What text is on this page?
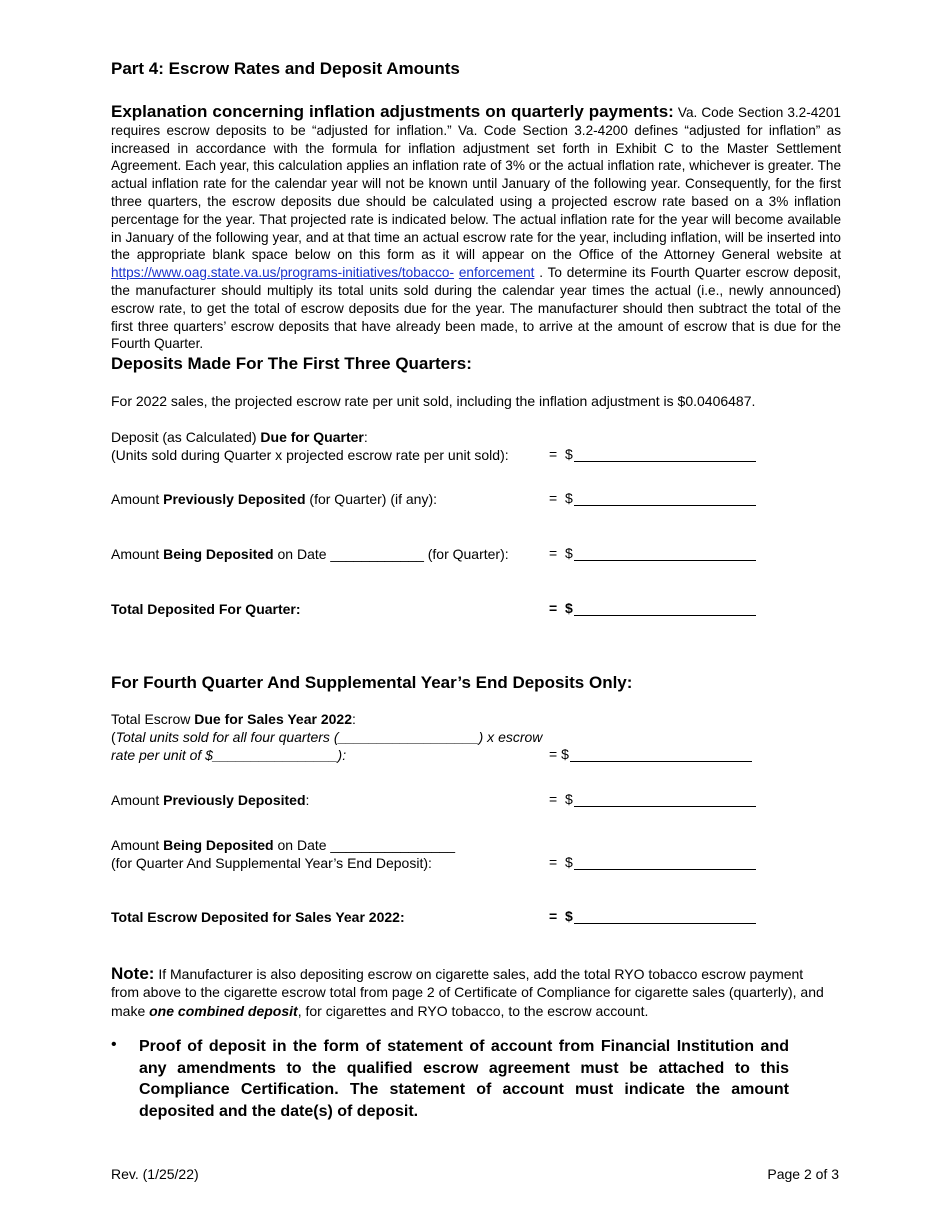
Part 4: Escrow Rates and Deposit Amounts
Explanation concerning inflation adjustments on quarterly payments: Va. Code Section 3.2-4201 requires escrow deposits to be “adjusted for inflation.” Va. Code Section 3.2-4200 defines “adjusted for inflation” as increased in accordance with the formula for inflation adjustment set forth in Exhibit C to the Master Settlement Agreement. Each year, this calculation applies an inflation rate of 3% or the actual inflation rate, whichever is greater. The actual inflation rate for the calendar year will not be known until January of the following year. Consequently, for the first three quarters, the escrow deposits due should be calculated using a projected escrow rate based on a 3% inflation percentage for the year. That projected rate is indicated below. The actual inflation rate for the year will become available in January of the following year, and at that time an actual escrow rate for the year, including inflation, will be inserted into the appropriate blank space below on this form as it will appear on the Office of the Attorney General website at https://www.oag.state.va.us/programs-initiatives/tobacco- enforcement . To determine its Fourth Quarter escrow deposit, the manufacturer should multiply its total units sold during the calendar year times the actual (i.e., newly announced) escrow rate, to get the total of escrow deposits due for the year. The manufacturer should then subtract the total of the first three quarters’ escrow deposits that have already been made, to arrive at the amount of escrow that is due for the Fourth Quarter.
Deposits Made For The First Three Quarters:
For 2022 sales, the projected escrow rate per unit sold, including the inflation adjustment is $0.0406487.
Deposit (as Calculated) Due for Quarter:
(Units sold during Quarter x projected escrow rate per unit sold):	=  $
Amount Previously Deposited (for Quarter) (if any):	=  $
Amount Being Deposited on Date ____________ (for Quarter):	=  $
Total Deposited For Quarter:	=  $
For Fourth Quarter And Supplemental Year’s End Deposits Only:
Total Escrow Due for Sales Year 2022:
(Total units sold for all four quarters (__________________) x escrow
rate per unit of $________________):	= $
Amount Previously Deposited:	=  $
Amount Being Deposited on Date ________________
(for Quarter And Supplemental Year’s End Deposit):	=  $
Total Escrow Deposited for Sales Year 2022:	=  $
Note: If Manufacturer is also depositing escrow on cigarette sales, add the total RYO tobacco escrow payment from above to the cigarette escrow total from page 2 of Certificate of Compliance for cigarette sales (quarterly), and make one combined deposit, for cigarettes and RYO tobacco, to the escrow account.
• Proof of deposit in the form of statement of account from Financial Institution and any amendments to the qualified escrow agreement must be attached to this Compliance Certification. The statement of account must indicate the amount deposited and the date(s) of deposit.
Rev. (1/25/22)	Page 2 of 3
